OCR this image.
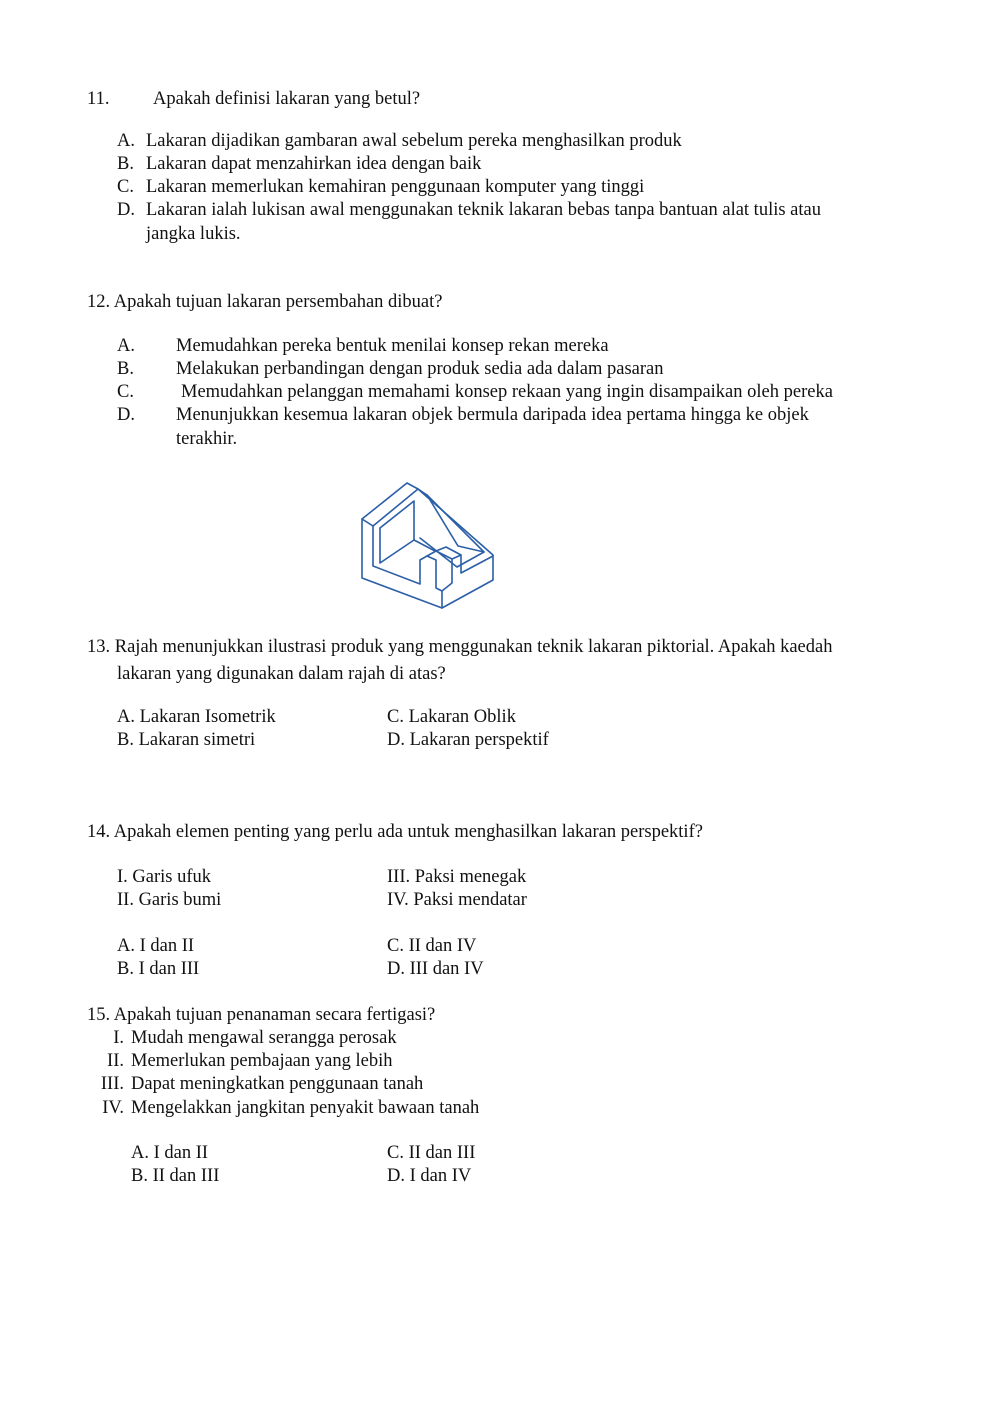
11. Apakah definisi lakaran yang betul?
A. Lakaran dijadikan gambaran awal sebelum pereka menghasilkan produk
B. Lakaran dapat menzahirkan idea dengan baik
C. Lakaran memerlukan kemahiran penggunaan komputer yang tinggi
D. Lakaran ialah lukisan awal menggunakan teknik lakaran bebas tanpa bantuan alat tulis atau
jangka lukis.
12. Apakah tujuan lakaran persembahan dibuat?
A. Memudahkan pereka bentuk menilai konsep rekan mereka
B. Melakukan perbandingan dengan produk sedia ada dalam pasaran
C.	Memudahkan pelanggan memahami konsep rekaan yang ingin disampaikan oleh pereka
D. Menunjukkan kesemua lakaran objek bermula daripada idea pertama hingga ke objek
terakhir.
13. Rajah menunjukkan ilustrasi produk yang menggunakan teknik lakaran piktorial. Apakah kaedah
lakaran yang digunakan dalam rajah di atas?
A. Lakaran Isometrik	C. Lakaran Oblik
B. Lakaran simetri	D. Lakaran perspektif
14. Apakah elemen penting yang perlu ada untuk menghasilkan lakaran perspektif?
I. Garis ufuk	III. Paksi menegak
II. Garis bumi	IV. Paksi mendatar
A. I dan II	C. II dan IV
B. I dan III	D. III dan IV
15. Apakah tujuan penanaman secara fertigasi?
I. Mudah mengawal serangga perosak
II. Memerlukan pembajaan yang lebih
III. Dapat meningkatkan penggunaan tanah
IV. Mengelakkan jangkitan penyakit bawaan tanah
A. I dan II	C. II dan III
B. II dan III	D. I dan IV
